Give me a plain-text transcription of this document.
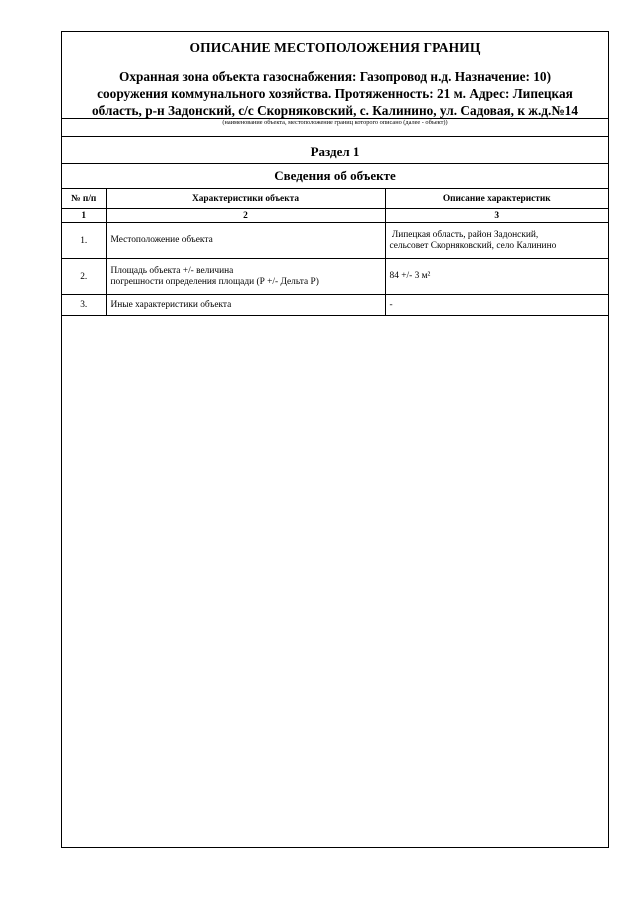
ОПИСАНИЕ МЕСТОПОЛОЖЕНИЯ ГРАНИЦ
Охранная зона объекта газоснабжения: Газопровод н.д. Назначение: 10)
сооружения коммунального хозяйства. Протяженность: 21 м. Адрес: Липецкая
область, р-н Задонский, с/с Скорняковский, с. Калинино, ул. Садовая, к ж.д.№14
(наименование объекта, местоположение границ которого описано (далее - объект))
Раздел 1
Сведения об объекте
№ п/п	Характеристики объекта	Описание характеристик
1	2	3
1.	Местоположение объекта	Липецкая область, район Задонский,
сельсовет Скорняковский, село Калинино

2.	Площадь объекта +/- величина
погрешности определения площади (Р +/- Дельта Р)	84 +/- 3 м²

3.	Иные характеристики объекта	-
